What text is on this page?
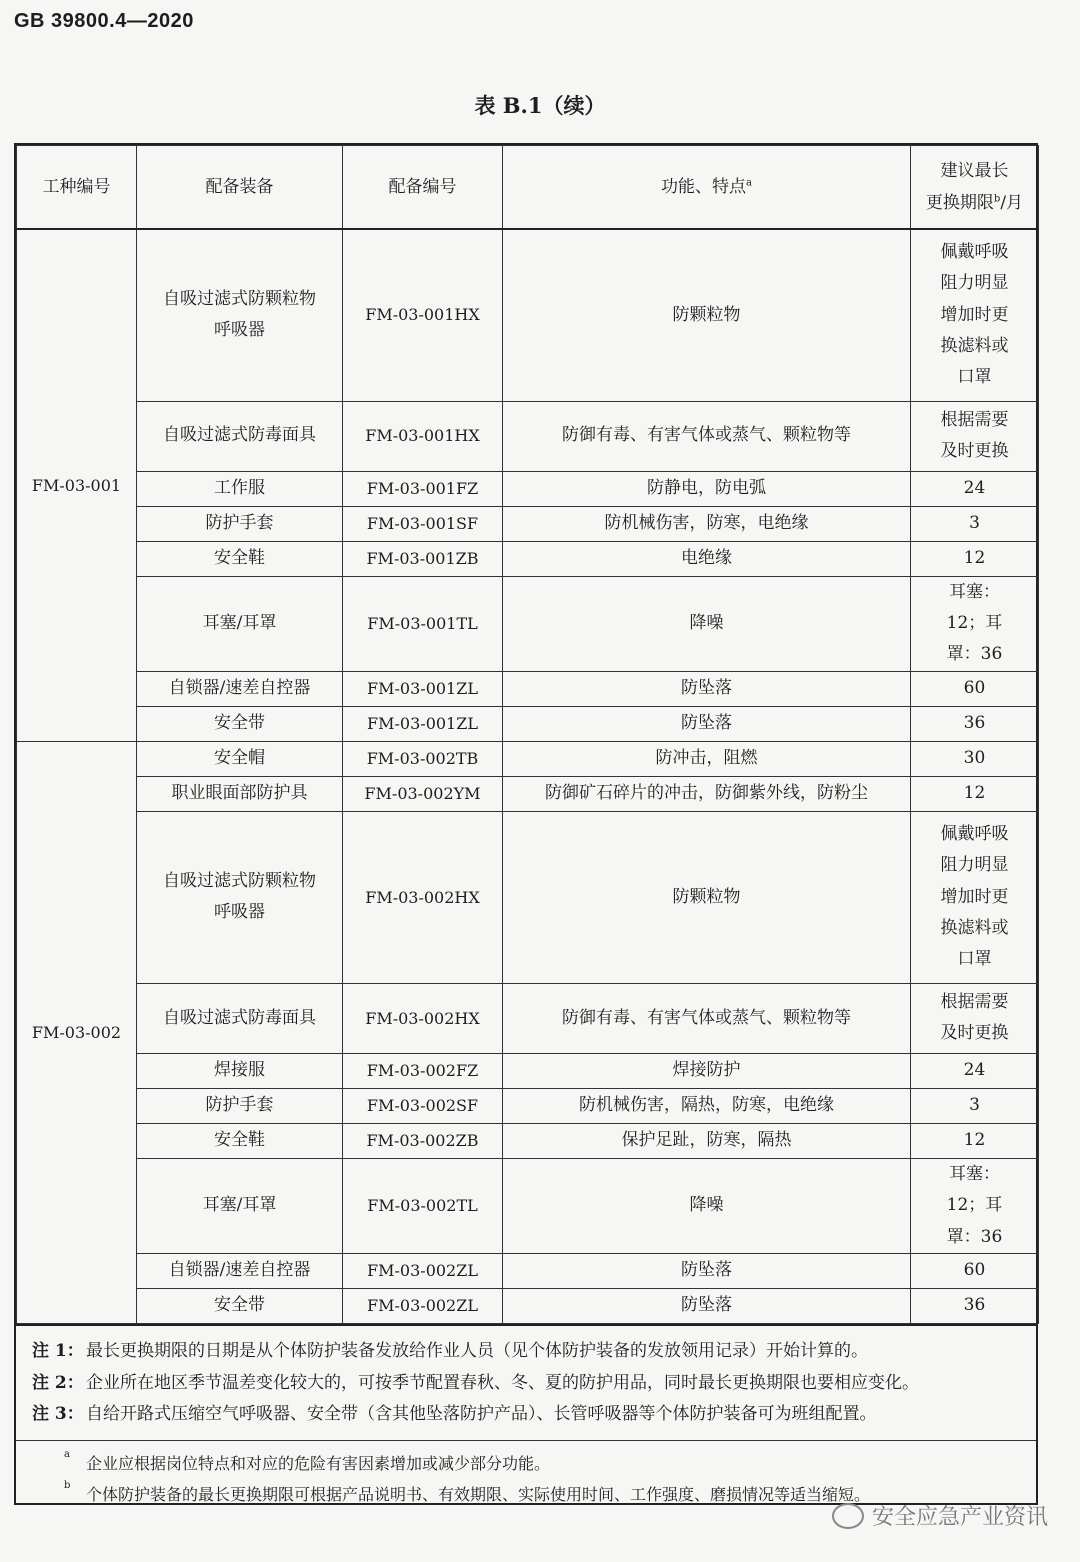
GB 39800.4—2020
表 B.1（续）
工种编号	配备装备	配备编号	功能、特点$^a$	建议最长
更换期限$^b$/月
FM-03-001	自吸过滤式防颗粒物呼吸器	FM-03-001HX	防颗粒物	佩戴呼吸阻力明显增加时更换滤料或口罩
	自吸过滤式防毒面具	FM-03-001HX	防御有毒、有害气体或蒸气、颗粒物等	根据需要及时更换
	工作服	FM-03-001FZ	防静电，防电弧	24
	防护手套	FM-03-001SF	防机械伤害，防寒，电绝缘	3
	安全鞋	FM-03-001ZB	电绝缘	12
	耳塞/耳罩	FM-03-001TL	降噪	耳塞：12；耳罩：36
	自锁器/速差自控器	FM-03-001ZL	防坠落	60
	安全带	FM-03-001ZL	防坠落	36
FM-03-002	安全帽	FM-03-002TB	防冲击，阻燃	30
	职业眼面部防护具	FM-03-002YM	防御矿石碎片的冲击，防御紫外线，防粉尘	12
	自吸过滤式防颗粒物呼吸器	FM-03-002HX	防颗粒物	佩戴呼吸阻力明显增加时更换滤料或口罩
	自吸过滤式防毒面具	FM-03-002HX	防御有毒、有害气体或蒸气、颗粒物等	根据需要及时更换
	焊接服	FM-03-002FZ	焊接防护	24
	防护手套	FM-03-002SF	防机械伤害，隔热，防寒，电绝缘	3
	安全鞋	FM-03-002ZB	保护足趾，防寒，隔热	12
	耳塞/耳罩	FM-03-002TL	降噪	耳塞：12；耳罩：36
	自锁器/速差自控器	FM-03-002ZL	防坠落	60
	安全带	FM-03-002ZL	防坠落	36
注 1： 最长更换期限的日期是从个体防护装备发放给作业人员（见个体防护装备的发放领用记录）开始计算的。
注 2： 企业所在地区季节温差变化较大的，可按季节配置春秋、冬、夏的防护用品，同时最长更换期限也要相应变化。
注 3： 自给开路式压缩空气呼吸器、安全带（含其他坠落防护产品）、长管呼吸器等个体防护装备可为班组配置。
a 企业应根据岗位特点和对应的危险有害因素增加或减少部分功能。
b 个体防护装备的最长更换期限可根据产品说明书、有效期限、实际使用时间、工作强度、磨损情况等适当缩短。
安全应急产业资讯
